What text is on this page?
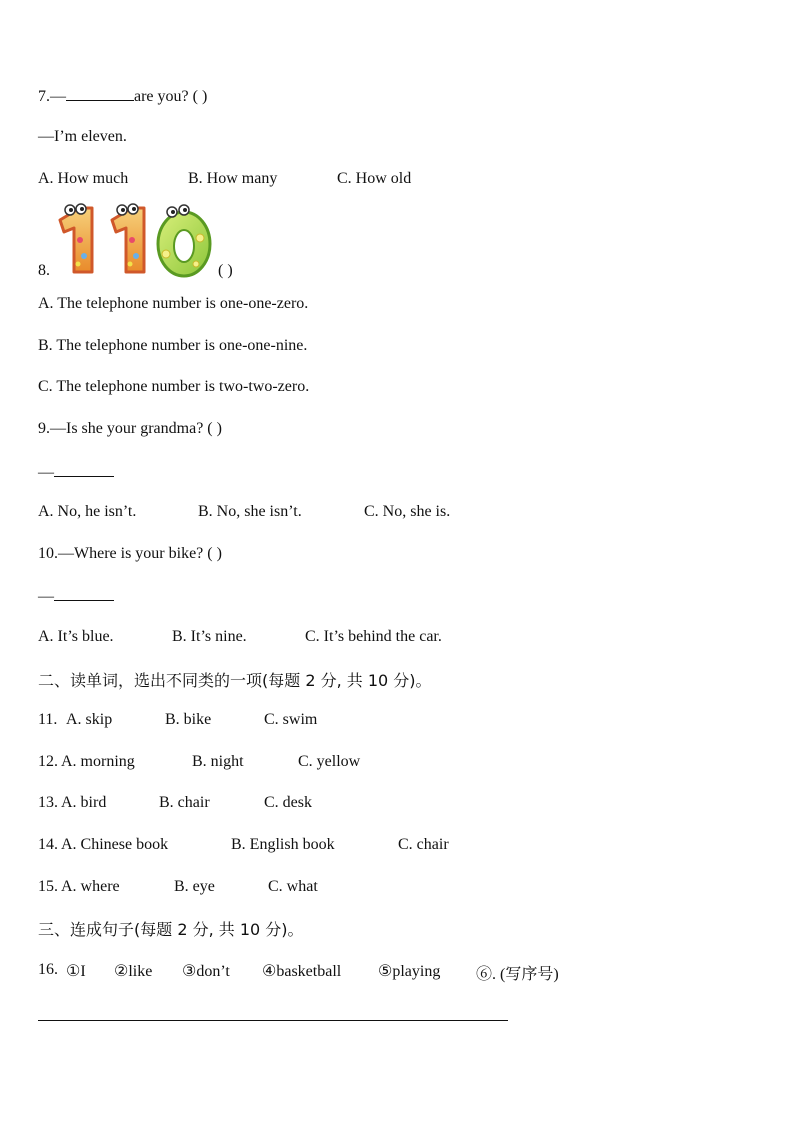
7.—	are you? ( )
—I’m eleven.
A. How much	B. How many	C. How old
8.	( )
A. The telephone number is one-one-zero.
B. The telephone number is one-one-nine.
C. The telephone number is two-two-zero.
9.—Is she your grandma? ( )
—
A. No, he isn’t.	B. No, she isn’t.	C. No, she is.
10.—Where is your bike? ( )
—
A. It’s blue.	B. It’s nine.	C. It’s behind the car.
二、读单词，选出不同类的一项(每题 2 分, 共 10 分)。
11. A. skip	B. bike	C. swim
12. A. morning	B. night	C. yellow
13. A. bird	B. chair	C. desk
14. A. Chinese book	B. English book	C. chair
15. A. where	B. eye	C. what
三、连成句子(每题 2 分, 共 10 分)。
16. ①I ②like ③don’t ④basketball ⑤playing ⑥. (写序号)
